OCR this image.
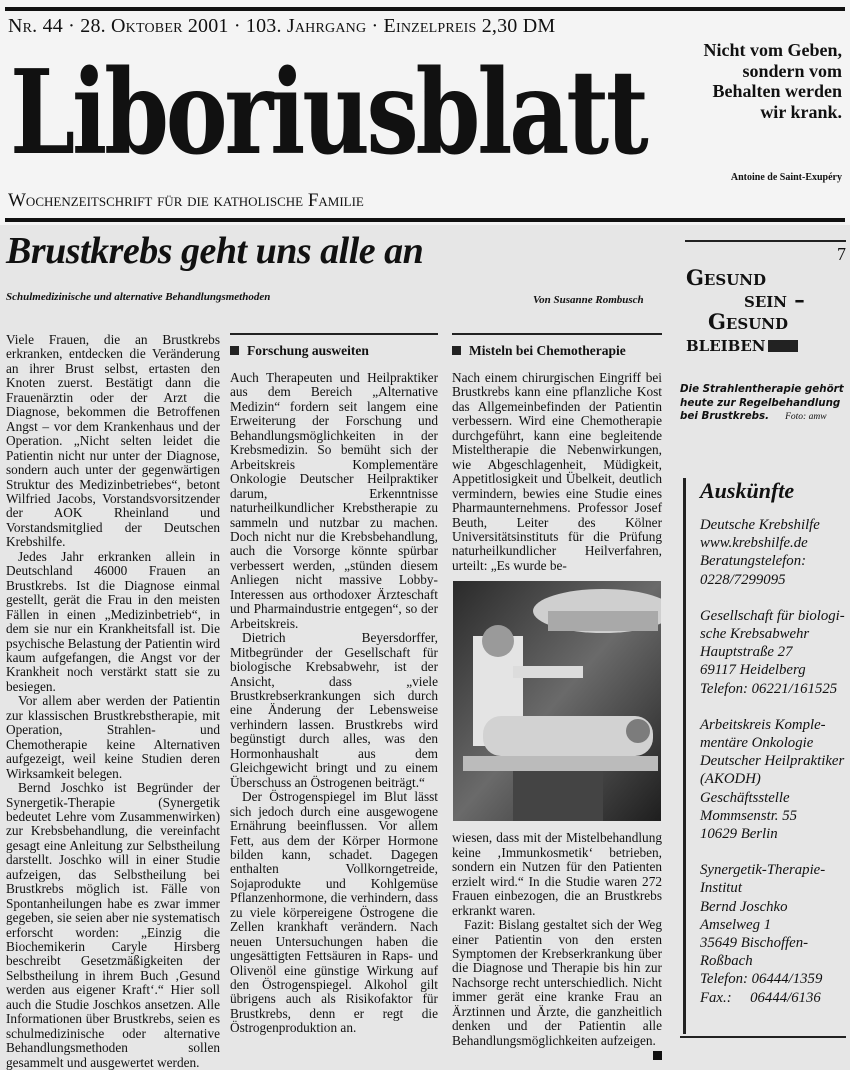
Nr. 44 · 28. Oktober 2001 · 103. Jahrgang · Einzelpreis 2,30 DM
Liboriusblatt
Wochenzeitschrift für die katholische Familie
Nicht vom Geben, sondern vom Behalten werden wir krank.
Antoine de Saint-Exupéry
Brustkrebs geht uns alle an
Schulmedizinische und alternative Behandlungsmethoden	Von Susanne Rombusch

Viele Frauen, die an Brustkrebs erkranken, entdecken die Veränderung an ihrer Brust selbst, ertasten den Knoten zuerst. Bestätigt dann die Frauenärztin oder der Arzt die Diagnose, bekommen die Betroffenen Angst – vor dem Krankenhaus und der Operation. „Nicht selten leidet die Patientin nicht nur unter der Diagnose, sondern auch unter der gegenwärtigen Struktur des Medizinbetriebes“, betont Wilfried Jacobs, Vorstandsvorsitzender der AOK Rheinland und Vorstandsmitglied der Deutschen Krebshilfe.

Jedes Jahr erkranken allein in Deutschland 46000 Frauen an Brustkrebs. Ist die Diagnose einmal gestellt, gerät die Frau in den meisten Fällen in einen „Medizinbetrieb“, in dem sie nur ein Krankheitsfall ist. Die psychische Belastung der Patientin wird kaum aufgefangen, die Angst vor der Krankheit noch verstärkt statt sie zu besiegen.

Vor allem aber werden der Patientin zur klassischen Brustkrebstherapie, mit Operation, Strahlen- und Chemotherapie keine Alternativen aufgezeigt, weil keine Studien deren Wirksamkeit belegen.

Bernd Joschko ist Begründer der Synergetik-Therapie (Synergetik bedeutet Lehre vom Zusammenwirken) zur Krebsbehandlung, die vereinfacht gesagt eine Anleitung zur Selbstheilung darstellt. Joschko will in einer Studie aufzeigen, das Selbstheilung bei Brustkrebs möglich ist. Fälle von Spontanheilungen habe es zwar immer gegeben, sie seien aber nie systematisch erforscht worden: „Einzig die Biochemikerin Caryle Hirsberg beschreibt Gesetzmäßigkeiten der Selbstheilung in ihrem Buch ‚Gesund werden aus eigener Kraft‘.“ Hier soll auch die Studie Joschkos ansetzen. Alle Informationen über Brustkrebs, seien es schulmedizinische oder alternative Behandlungsmethoden sollen gesammelt und ausgewertet werden.

Forschung ausweiten

Auch Therapeuten und Heilpraktiker aus dem Bereich „Alternative Medizin“ fordern seit langem eine Erweiterung der Forschung und Behandlungsmöglichkeiten in der Krebsmedizin. So bemüht sich der Arbeitskreis Komplementäre Onkologie Deutscher Heilpraktiker darum, Erkenntnisse naturheilkundlicher Krebstherapie zu sammeln und nutzbar zu machen. Doch nicht nur die Krebsbehandlung, auch die Vorsorge könnte spürbar verbessert werden, „stünden diesem Anliegen nicht massive Lobby-Interessen aus orthodoxer Ärzteschaft und Pharmaindustrie entgegen“, so der Arbeitskreis.

Dietrich Beyersdorffer, Mitbegründer der Gesellschaft für biologische Krebsabwehr, ist der Ansicht, dass „viele Brustkrebserkrankungen sich durch eine Änderung der Lebensweise verhindern lassen. Brustkrebs wird begünstigt durch alles, was den Hormonhaushalt aus dem Gleichgewicht bringt und zu einem Überschuss an Östrogenen beiträgt.“

Der Östrogenspiegel im Blut lässt sich jedoch durch eine ausgewogene Ernährung beeinflussen. Vor allem Fett, aus dem der Körper Hormone bilden kann, schadet. Dagegen enthalten Vollkorngetreide, Sojaprodukte und Kohlgemüse Pflanzenhormone, die verhindern, dass zu viele körpereigene Östrogene die Zellen krankhaft verändern. Nach neuen Untersuchungen haben die ungesättigten Fettsäuren in Raps- und Olivenöl eine günstige Wirkung auf den Östrogenspiegel. Alkohol gilt übrigens auch als Risikofaktor für Brustkrebs, denn er regt die Östrogenproduktion an.

Misteln bei Chemotherapie

Nach einem chirurgischen Eingriff bei Brustkrebs kann eine pflanzliche Kost das Allgemeinbefinden der Patientin verbessern. Wird eine Chemotherapie durchgeführt, kann eine begleitende Misteltherapie die Nebenwirkungen, wie Abgeschlagenheit, Müdigkeit, Appetitlosigkeit und Übelkeit, deutlich vermindern, bewies eine Studie eines Pharmaunternehmens. Professor Josef Beuth, Leiter des Kölner Universitätsinstituts für die Prüfung naturheilkundlicher Heilverfahren, urteilt: „Es wurde be-

wiesen, dass mit der Mistelbehandlung keine ‚Immunkosmetik‘ betrieben, sondern ein Nutzen für den Patienten erzielt wird.“ In die Studie waren 272 Frauen einbezogen, die an Brustkrebs erkrankt waren.

Fazit: Bislang gestaltet sich der Weg einer Patientin von den ersten Symptomen der Krebserkrankung über die Diagnose und Therapie bis hin zur Nachsorge recht unterschiedlich. Nicht immer gerät eine kranke Frau an Ärztinnen und Ärzte, die ganzheitlich denken und der Patientin alle Behandlungsmöglichkeiten aufzeigen.

7
Gesund
sein –
Gesund
bleiben
Die Strahlentherapie gehört heute zur Regelbehandlung bei Brustkrebs. Foto: amw
Auskünfte
Deutsche Krebshilfe
www.krebshilfe.de
Beratungstelefon:
0228/7299095
Gesellschaft für biologi-
sche Krebsabwehr
Hauptstraße 27
69117 Heidelberg
Telefon: 06221/161525
Arbeitskreis Komple-
mentäre Onkologie
Deutscher Heilpraktiker
(AKODH)
Geschäftsstelle
Mommsenstr. 55
10629 Berlin
Synergetik-Therapie-
Institut
Bernd Joschko
Amselweg 1
35649 Bischoffen-
Roßbach
Telefon: 06444/1359
Fax.:     06444/6136
